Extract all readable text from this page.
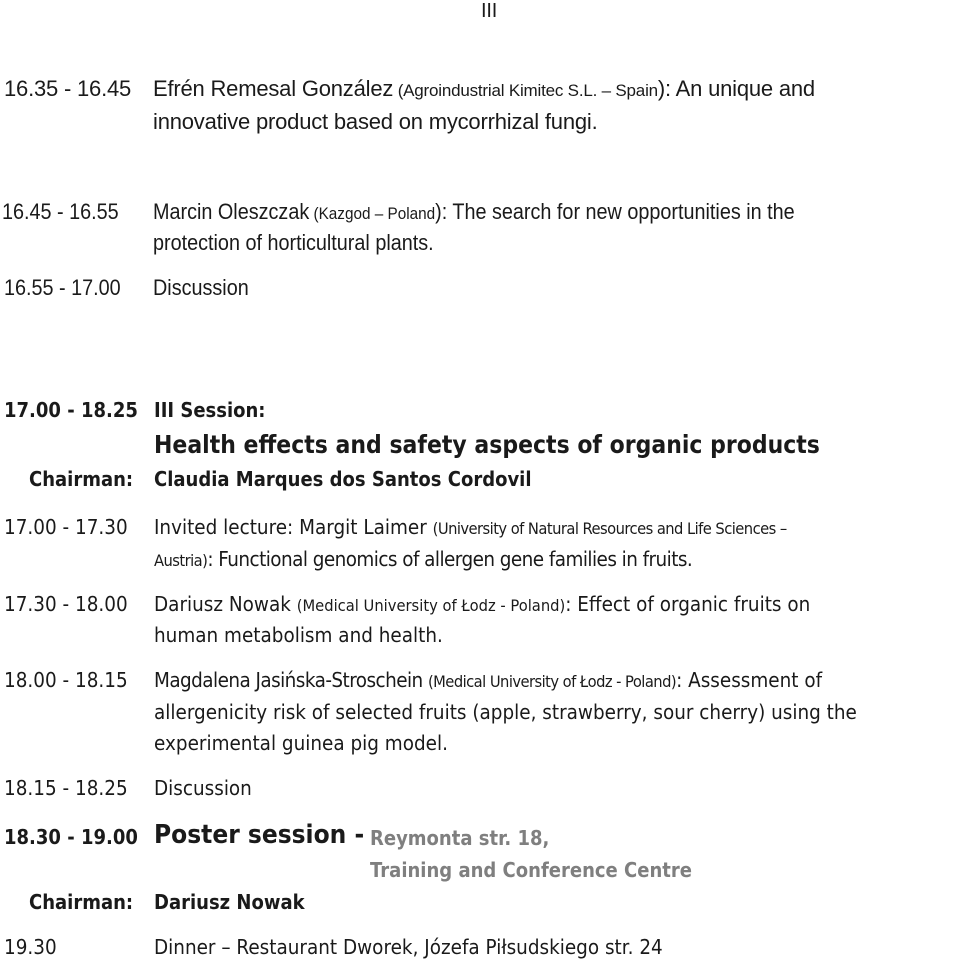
III
16.35 - 16.45 Efrén Remesal González (Agroindustrial Kimitec S.L. – Spain): An unique and
innovative product based on mycorrhizal fungi.
16.45 - 16.55 Marcin Oleszczak (Kazgod – Poland): The search for new opportunities in the
protection of horticultural plants.
16.55 - 17.00 Discussion
17.00 - 18.25 III Session:
Health effects and safety aspects of organic products
Chairman: Claudia Marques dos Santos Cordovil
17.00 - 17.30 Invited lecture: Margit Laimer (University of Natural Resources and Life Sciences –
Austria): Functional genomics of allergen gene families in fruits.
17.30 - 18.00 Dariusz Nowak (Medical University of Łodz - Poland): Effect of organic fruits on
human metabolism and health.
18.00 - 18.15 Magdalena Jasińska-Stroschein (Medical University of Łodz - Poland): Assessment of
allergenicity risk of selected fruits (apple, strawberry, sour cherry) using the
experimental guinea pig model.
18.15 - 18.25 Discussion
18.30 - 19.00 Poster session - Reymonta str. 18,
Training and Conference Centre
Chairman: Dariusz Nowak
19.30	Dinner – Restaurant Dworek, Józefa Piłsudskiego str. 24
